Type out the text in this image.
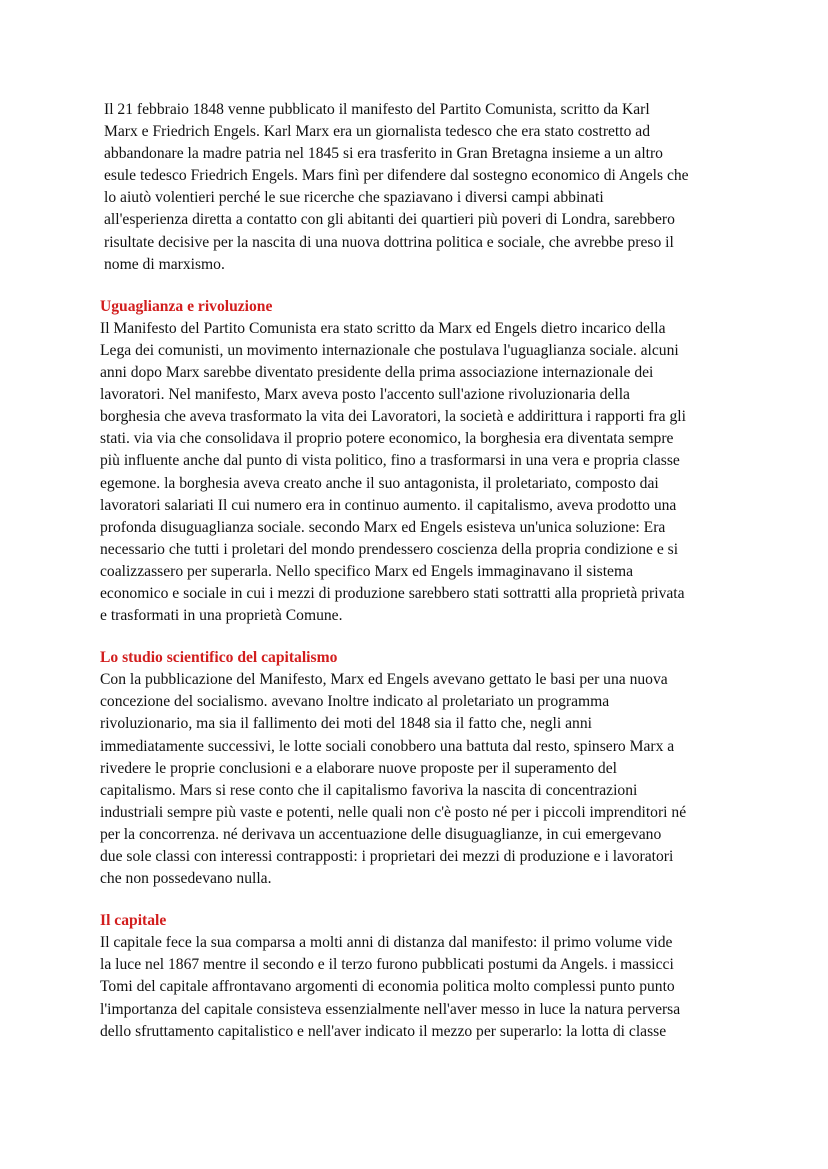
Il 21 febbraio 1848 venne pubblicato il manifesto del Partito Comunista, scritto da Karl
Marx e Friedrich Engels. Karl Marx era un giornalista tedesco che era stato costretto ad
abbandonare la madre patria nel 1845 si era trasferito in Gran Bretagna insieme a un altro
esule tedesco Friedrich Engels. Mars finì per difendere dal sostegno economico di Angels che
lo aiutò volentieri perché le sue ricerche che spaziavano i diversi campi abbinati
all'esperienza diretta a contatto con gli abitanti dei quartieri più poveri di Londra, sarebbero
risultate decisive per la nascita di una nuova dottrina politica e sociale, che avrebbe preso il
nome di marxismo.

Uguaglianza e rivoluzione

Il Manifesto del Partito Comunista era stato scritto da Marx ed Engels dietro incarico della
Lega dei comunisti, un movimento internazionale che postulava l'uguaglianza sociale. alcuni
anni dopo Marx sarebbe diventato presidente della prima associazione internazionale dei
lavoratori. Nel manifesto, Marx aveva posto l'accento sull'azione rivoluzionaria della
borghesia che aveva trasformato la vita dei Lavoratori, la società e addirittura i rapporti fra gli
stati. via via che consolidava il proprio potere economico, la borghesia era diventata sempre
più influente anche dal punto di vista politico, fino a trasformarsi in una vera e propria classe
egemone. la borghesia aveva creato anche il suo antagonista, il proletariato, composto dai
lavoratori salariati Il cui numero era in continuo aumento. il capitalismo, aveva prodotto una
profonda disuguaglianza sociale. secondo Marx ed Engels esisteva un'unica soluzione: Era
necessario che tutti i proletari del mondo prendessero coscienza della propria condizione e si
coalizzassero per superarla. Nello specifico Marx ed Engels immaginavano il sistema
economico e sociale in cui i mezzi di produzione sarebbero stati sottratti alla proprietà privata
e trasformati in una proprietà Comune.

Lo studio scientifico del capitalismo

Con la pubblicazione del Manifesto, Marx ed Engels avevano gettato le basi per una nuova
concezione del socialismo. avevano Inoltre indicato al proletariato un programma
rivoluzionario, ma sia il fallimento dei moti del 1848 sia il fatto che, negli anni
immediatamente successivi, le lotte sociali conobbero una battuta dal resto, spinsero Marx a
rivedere le proprie conclusioni e a elaborare nuove proposte per il superamento del
capitalismo. Mars si rese conto che il capitalismo favoriva la nascita di concentrazioni
industriali sempre più vaste e potenti, nelle quali non c'è posto né per i piccoli imprenditori né
per la concorrenza. né derivava un accentuazione delle disuguaglianze, in cui emergevano
due sole classi con interessi contrapposti: i proprietari dei mezzi di produzione e i lavoratori
che non possedevano nulla.

Il capitale

Il capitale fece la sua comparsa a molti anni di distanza dal manifesto: il primo volume vide
la luce nel 1867 mentre il secondo e il terzo furono pubblicati postumi da Angels. i massicci
Tomi del capitale affrontavano argomenti di economia politica molto complessi punto punto
l'importanza del capitale consisteva essenzialmente nell'aver messo in luce la natura perversa
dello sfruttamento capitalistico e nell'aver indicato il mezzo per superarlo: la lotta di classe
